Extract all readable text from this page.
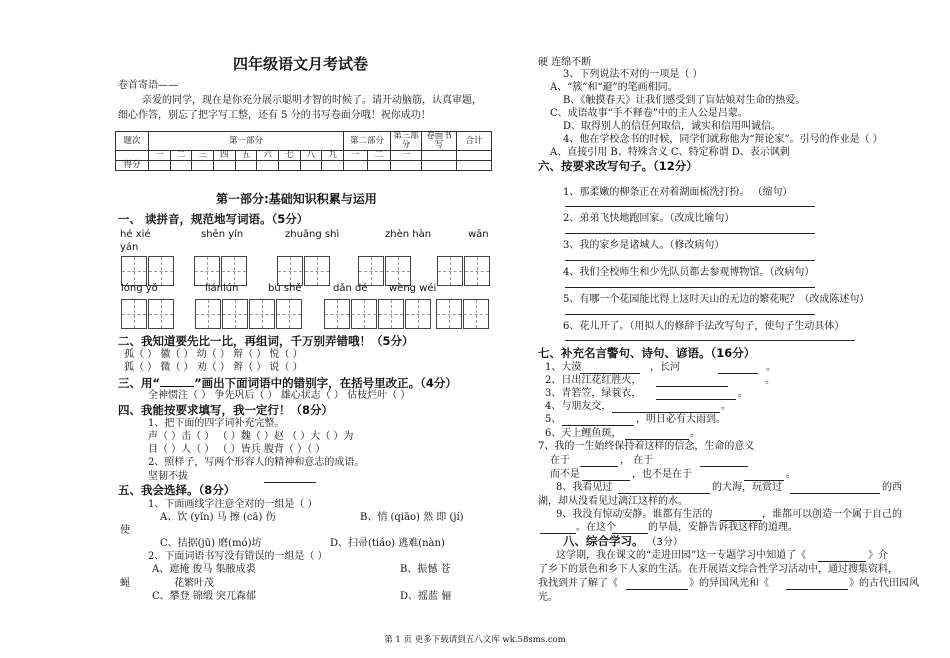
四年级语文月考试卷
卷首寄语——
亲爱的同学，现在是你充分展示聪明才智的时候了。请开动脑筋，认真审题，
细心作答，别忘了把字写工整，还有 5 分的书写卷面分哦！祝你成功！
题次	第一部分									第二部分		第三部分	卷面书写	合计
	一	二	三	四	五	六	七	八	九	一	二	一		
得分														
第一部分:基础知识积累与运用
一、 读拼音，规范地写词语。（5分）
hé xié	shēn yín	zhuǎng shì	zhèn hàn	wān
yán
lóng yǒ	liánlún	bú shě	dǎn dé wèng wéi
二、我知道要先比一比，再组词，千万别弄错哦！（5分）
孤（ ） 徽（ ） 幼（ ） 辩（ ） 悦（ ）
狐（ ） 微（ ） 劝（ ） 辫（ ） 说（ ）
三、用“	”画出下面词语中的错别字，在括号里改正。（4分）
全神惯注（ ） 争先巩后（ ） 雄心状志（ ） 估枝烂叶（ ）
四、我能按要求填写，我一定行！（8分）
1、把下面的四字词补充完整。
声（ ）击（ ） （ ）魏（ ）赵 （ ）大（ ）为
目（ ）人（ ） （ ）皆兵 腹背（ ）（ ）
2、照样子，写两个形容人的精神和意志的成语。
坚韧不拔
五、我会选择。（8分）
1、下面画线字注意全对的一组是（ ）
A、饮 (yǐn) 马 擦 (cā) 伤	B、悄 (qiāo) 然 即 (jí)
使
C、拮据(jū) 磨(mó)坊	D、扫帚(tiáo) 逃难(nàn)
2、下面词语书写没有错误的一组是（ ）
A、遮掩 俊马 集腋成裘	B、振憾 苍
蝇	花繁叶茂
C、攀登 锦缎 突兀森郁	D、摇蓝 俪
硬 连绵不断
3、下列说法不对的一项是（ ）
A、“簇”和“避”的笔画相同。
B、《触摸春天》让我们感受到了盲姑娘对生命的热爱。
C、成语故事“手不释卷”中的主人公是吕蒙。
D、取得别人的信任何取信，诚实和信用叫诚信。
4、他在学校念书的时候，同学们就称他为“辩论家”。引号的作业是（ ）
A、直接引用 B、特殊含义 C、特定称谓 D、表示讽刺
六、按要求改写句子。（12分）
1、那柔嫩的柳条正在对着湖面梳洗打扮。 （缩句）
2、弟弟飞快地跑回家。（改成比喻句）
3、我的家乡是诸城人。（修改病句）
4、我们全校师生和少先队员都去参观博物馆。（改病句）
5、有哪一个花园能比得上这时天山的无边的繁花呢？（改成陈述句）
6、花儿开了。（用拟人的修辞手法改写句子，使句子生动具体）
七、补充名言警句、诗句、谚语。（16分）
1、大漠	，长河	。
2、日出江花红胜火，	。
3、青箬笠，绿蓑衣，	。
4、与朋友交，	。
5、	，明日必有大雨到。
6、天上鲤鱼斑，	。
7、我的一生始终保持着这样的信念，生命的意义
在于	， 在于
而不是	，也不是在于	。
8、我看见过	的大海，玩赏过	的西
湖，却从没看见过漓江这样的水。
9、我没有惊动安静。谁都有生活的	，谁都可以创造一个属于自己的
。在这个	的早晨，安静告诉我这样的道理。
八、综合学习。 （3分）
这学期，我在课文的“走进田园”这一专题学习中知道了《	》介
了乡下的景色和乡下人家的生活。在开展语文综合性学习活动中，通过搜集资料，
我找到并了解了《	》的异国风光和《	》的古代田园风
光。
第 1 页 更多下载请到五八文库 wk.58sms.com
